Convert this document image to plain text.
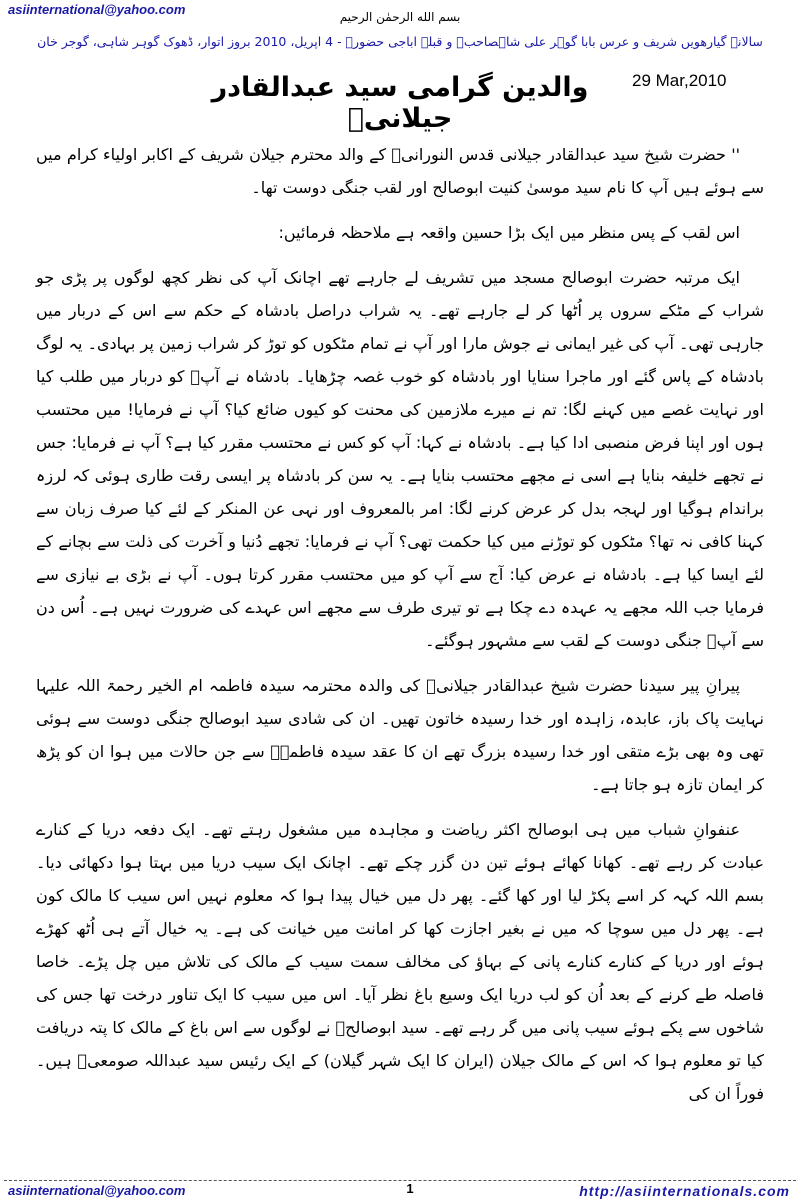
asiinternational@yahoo.com	بسم الله الرحمٰن الرحیم
سالانہ گیارھویں شریف و عرس بابا گوہر علی شاہصاحبؒ و قبلہ اباجی حضورؒ - 4 اپریل، 2010 بروز اتوار، ڈھوک گوہر شاہی، گوجر خان
29 Mar,2010
والدین گرامی سید عبدالقادر جیلانیؒ

'' حضرت شیخ سید عبدالقادر جیلانی قدس النورانیؒ کے والد محترم جیلان شریف کے اکابر اولیاء کرام میں سے ہوئے ہیں آپ کا نام سید موسیٰ کنیت ابوصالح اور لقب جنگی دوست تھا۔

اس لقب کے پس منظر میں ایک بڑا حسین واقعہ ہے ملاحظہ فرمائیں:

ایک مرتبہ حضرت ابوصالح مسجد میں تشریف لے جارہے تھے اچانک آپ کی نظر کچھ لوگوں پر پڑی جو شراب کے مٹکے سروں پر اُٹھا کر لے جارہے تھے۔ یہ شراب دراصل بادشاہ کے حکم سے اس کے دربار میں جارہی تھی۔ آپ کی غیر ایمانی نے جوش مارا اور آپ نے تمام مٹکوں کو توڑ کر شراب زمین پر بہادی۔ یہ لوگ بادشاہ کے پاس گئے اور ماجرا سنایا اور بادشاہ کو خوب غصہ چڑھایا۔ بادشاہ نے آپؒ کو دربار میں طلب کیا اور نہایت غصے میں کہنے لگا: تم نے میرے ملازمین کی محنت کو کیوں ضائع کیا؟ آپ نے فرمایا! میں محتسب ہوں اور اپنا فرض منصبی ادا کیا ہے۔ بادشاہ نے کہا: آپ کو کس نے محتسب مقرر کیا ہے؟ آپ نے فرمایا: جس نے تجھے خلیفہ بنایا ہے اسی نے مجھے محتسب بنایا ہے۔ یہ سن کر بادشاہ پر ایسی رقت طاری ہوئی کہ لرزہ براندام ہوگیا اور لہجہ بدل کر عرض کرنے لگا: امر بالمعروف اور نہی عن المنکر کے لئے کیا صرف زبان سے کہنا کافی نہ تھا؟ مٹکوں کو توڑنے میں کیا حکمت تھی؟ آپ نے فرمایا: تجھے دُنیا و آخرت کی ذلت سے بچانے کے لئے ایسا کیا ہے۔ بادشاہ نے عرض کیا: آج سے آپ کو میں محتسب مقرر کرتا ہوں۔ آپ نے بڑی بے نیازی سے فرمایا جب اللہ مجھے یہ عہدہ دے چکا ہے تو تیری طرف سے مجھے اس عہدے کی ضرورت نہیں ہے۔ اُس دن سے آپؒ جنگی دوست کے لقب سے مشہور ہوگئے۔

پیرانِ پیر سیدنا حضرت شیخ عبدالقادر جیلانیؒ کی والدہ محترمہ سیدہ فاطمہ ام الخیر رحمۃ اللہ علیہا نہایت پاک باز، عابدہ، زاہدہ اور خدا رسیدہ خاتون تھیں۔ ان کی شادی سید ابوصالح جنگی دوست سے ہوئی تھی وہ بھی بڑے متقی اور خدا رسیدہ بزرگ تھے ان کا عقد سیدہ فاطمہؒ سے جن حالات میں ہوا ان کو پڑھ کر ایمان تازہ ہو جاتا ہے۔

عنفوانِ شباب میں ہی ابوصالح اکثر ریاضت و مجاہدہ میں مشغول رہتے تھے۔ ایک دفعہ دریا کے کنارے عبادت کر رہے تھے۔ کھانا کھائے ہوئے تین دن گزر چکے تھے۔ اچانک ایک سیب دریا میں بہتا ہوا دکھائی دیا۔ بسم اللہ کہہ کر اسے پکڑ لیا اور کھا گئے۔ پھر دل میں خیال پیدا ہوا کہ معلوم نہیں اس سیب کا مالک کون ہے۔ پھر دل میں سوچا کہ میں نے بغیر اجازت کھا کر امانت میں خیانت کی ہے۔ یہ خیال آتے ہی اُٹھ کھڑے ہوئے اور دریا کے کنارے کنارے پانی کے بہاؤ کی مخالف سمت سیب کے مالک کی تلاش میں چل پڑے۔ خاصا فاصلہ طے کرنے کے بعد اُن کو لب دریا ایک وسیع باغ نظر آیا۔ اس میں سیب کا ایک تناور درخت تھا جس کی شاخوں سے پکے ہوئے سیب پانی میں گر رہے تھے۔ سید ابوصالحؒ نے لوگوں سے اس باغ کے مالک کا پتہ دریافت کیا تو معلوم ہوا کہ اس کے مالک جیلان (ایران کا ایک شہر گیلان) کے ایک رئیس سید عبداللہ صومعیؒ ہیں۔ فوراً ان کی

asiinternational@yahoo.com	1	http://asiinternationals.com
